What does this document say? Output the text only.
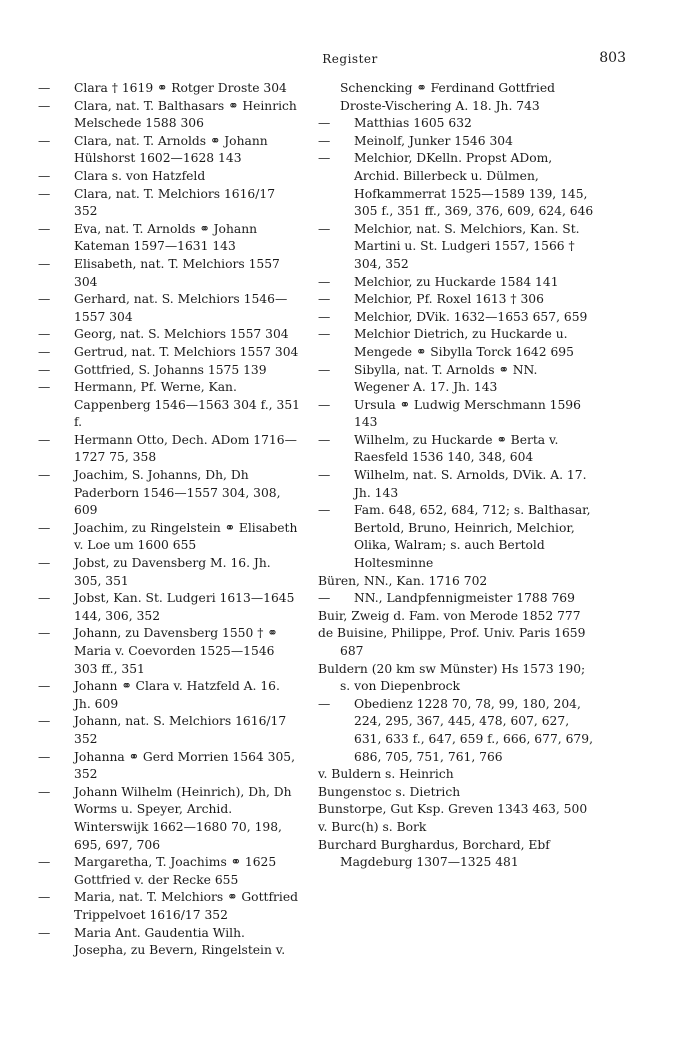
Register	803

— Clara † 1619 ⚭ Rotger Droste 304

— Clara, nat. T. Balthasars ⚭ Heinrich Melschede 1588 306

— Clara, nat. T. Arnolds ⚭ Johann Hülshorst 1602—1628 143

— Clara s. von Hatzfeld

— Clara, nat. T. Melchiors 1616/17 352

— Eva, nat. T. Arnolds ⚭ Johann Kateman 1597—1631 143

— Elisabeth, nat. T. Melchiors 1557 304

— Gerhard, nat. S. Melchiors 1546—1557 304

— Georg, nat. S. Melchiors 1557 304

— Gertrud, nat. T. Melchiors 1557 304

— Gottfried, S. Johanns 1575 139

— Hermann, Pf. Werne, Kan. Cappenberg 1546—1563 304 f., 351 f.

— Hermann Otto, Dech. ADom 1716—1727 75, 358

— Joachim, S. Johanns, Dh, Dh Paderborn 1546—1557 304, 308, 609

— Joachim, zu Ringelstein ⚭ Elisabeth v. Loe um 1600 655

— Jobst, zu Davensberg M. 16. Jh. 305, 351

— Jobst, Kan. St. Ludgeri 1613—1645 144, 306, 352

— Johann, zu Davensberg 1550 † ⚭ Maria v. Coevorden 1525—1546 303 ff., 351

— Johann ⚭ Clara v. Hatzfeld A. 16. Jh. 609

— Johann, nat. S. Melchiors 1616/17 352

— Johanna ⚭ Gerd Morrien 1564 305, 352

— Johann Wilhelm (Heinrich), Dh, Dh Worms u. Speyer, Archid. Winterswijk 1662—1680 70, 198, 695, 697, 706

— Margaretha, T. Joachims ⚭ 1625 Gottfried v. der Recke 655

— Maria, nat. T. Melchiors ⚭ Gottfried Trippelvoet 1616/17 352

— Maria Ant. Gaudentia Wilh. Josepha, zu Bevern, Ringelstein v.

Schencking ⚭ Ferdinand Gottfried Droste-Vischering A. 18. Jh. 743

— Matthias 1605 632

— Meinolf, Junker 1546 304

— Melchior, DKelln. Propst ADom, Archid. Billerbeck u. Dülmen, Hofkammerrat 1525—1589 139, 145, 305 f., 351 ff., 369, 376, 609, 624, 646

— Melchior, nat. S. Melchiors, Kan. St. Martini u. St. Ludgeri 1557, 1566 † 304, 352

— Melchior, zu Huckarde 1584 141

— Melchior, Pf. Roxel 1613 † 306

— Melchior, DVik. 1632—1653 657, 659

— Melchior Dietrich, zu Huckarde u. Mengede ⚭ Sibylla Torck 1642 695

— Sibylla, nat. T. Arnolds ⚭ NN. Wegener A. 17. Jh. 143

— Ursula ⚭ Ludwig Merschmann 1596 143

— Wilhelm, zu Huckarde ⚭ Berta v. Raesfeld 1536 140, 348, 604

— Wilhelm, nat. S. Arnolds, DVik. A. 17. Jh. 143

— Fam. 648, 652, 684, 712; s. Balthasar, Bertold, Bruno, Heinrich, Melchior, Olika, Walram; s. auch Bertold Holtesminne

Büren, NN., Kan. 1716 702

— NN., Landpfennigmeister 1788 769

Buir, Zweig d. Fam. von Merode 1852 777

de Buisine, Philippe, Prof. Univ. Paris 1659 687

Buldern (20 km sw Münster) Hs 1573 190; s. von Diepenbrock

— Obedienz 1228 70, 78, 99, 180, 204, 224, 295, 367, 445, 478, 607, 627, 631, 633 f., 647, 659 f., 666, 677, 679, 686, 705, 751, 761, 766

v. Buldern s. Heinrich

Bungenstoc s. Dietrich

Bunstorpe, Gut Ksp. Greven 1343 463, 500

v. Burc(h) s. Bork

Burchard Burghardus, Borchard, Ebf Magdeburg 1307—1325 481
